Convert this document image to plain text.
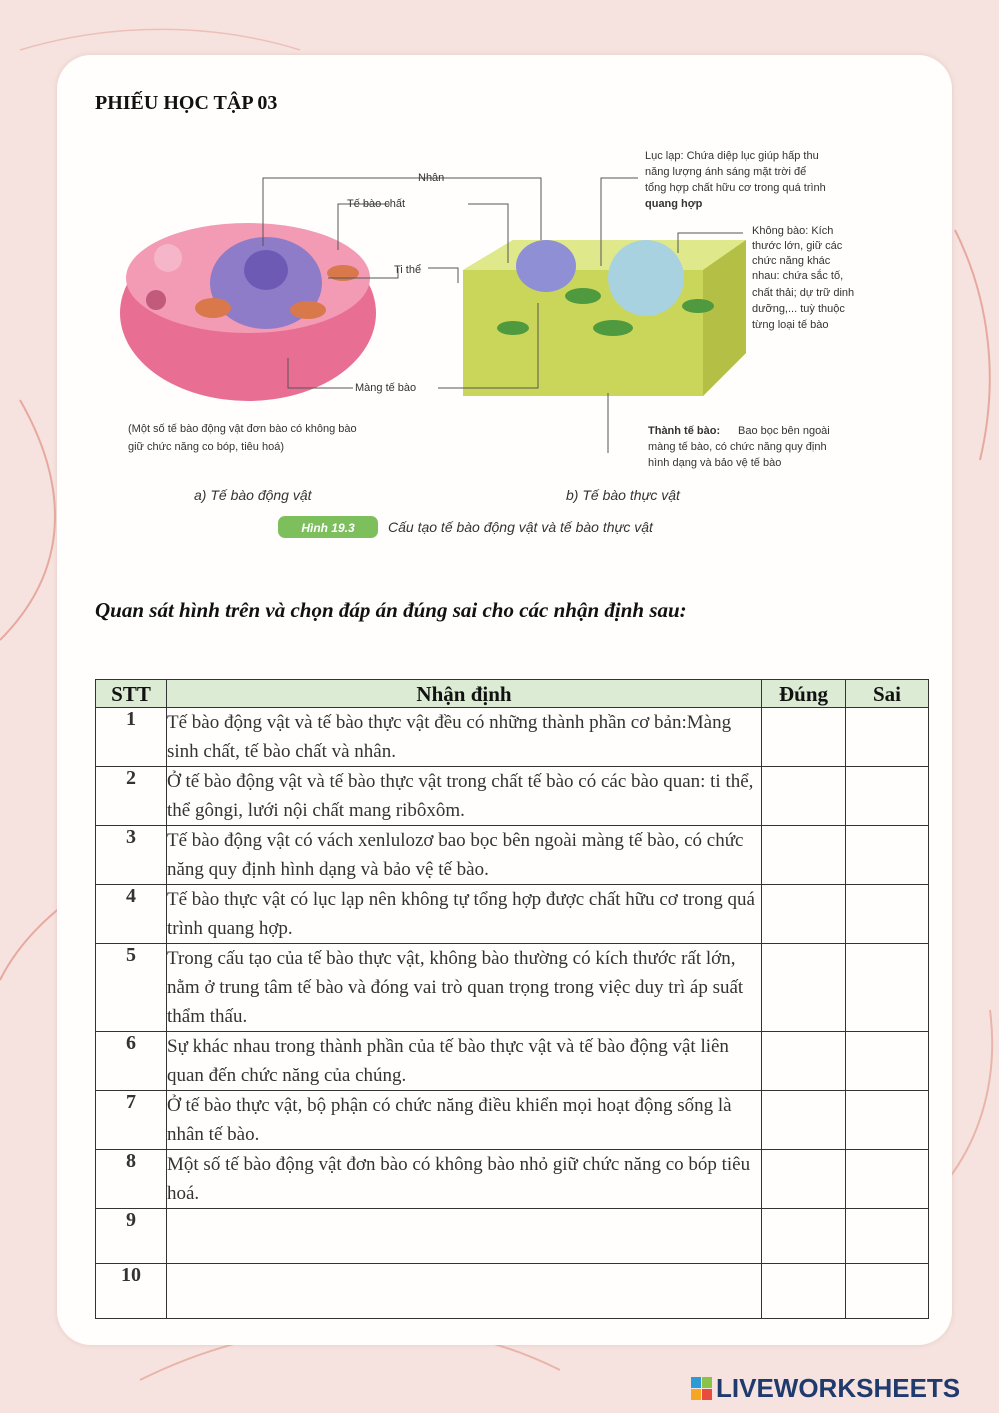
PHIẾU HỌC TẬP 03
Nhân
Tế bào chất
Ti thể
Màng tế bào
Lục lạp: Chứa diệp lục giúp hấp thu
năng lượng ánh sáng mặt trời để
tổng hợp chất hữu cơ trong quá trình
quang hợp
Không bào: Kích
thước lớn, giữ các
chức năng khác
nhau: chứa sắc tố,
chất thải; dự trữ dinh
dưỡng,... tuỳ thuộc
từng loại tế bào
(Một số tế bào động vật đơn bào có không bào
giữ chức năng co bóp, tiêu hoá)
Thành tế bào: Bao bọc bên ngoài
màng tế bào, có chức năng quy định
hình dạng và bảo vệ tế bào
a) Tế bào động vật	b) Tế bào thực vật
Hình 19.3 Cấu tạo tế bào động vật và tế bào thực vật

Quan sát hình trên và chọn đáp án đúng sai cho các nhận định sau:

STT	Nhận định	Đúng	Sai
1	Tế bào động vật và tế bào thực vật đều có những thành phần cơ bản:Màng sinh chất, tế bào chất và nhân.		
2	Ở tế bào động vật và tế bào thực vật trong chất tế bào có các bào quan: ti thể, thể gôngi, lưới nội chất mang ribôxôm.		
3	Tế bào động vật có vách xenlulozơ bao bọc bên ngoài màng tế bào, có chức năng quy định hình dạng và bảo vệ tế bào.		
4	Tế bào thực vật có lục lạp nên không tự tổng hợp được chất hữu cơ trong quá trình quang hợp.		
5	Trong cấu tạo của tế bào thực vật, không bào thường có kích thước rất lớn, nằm ở trung tâm tế bào và đóng vai trò quan trọng trong việc duy trì áp suất thẩm thấu.		
6	Sự khác nhau trong thành phần của tế bào thực vật và tế bào động vật liên quan đến chức năng của chúng.		
7	Ở tế bào thực vật, bộ phận có chức năng điều khiển mọi hoạt động sống là nhân tế bào.		
8	Một số tế bào động vật đơn bào có không bào nhỏ giữ chức năng co bóp tiêu hoá.		
9			
10			
LIVEWORKSHEETS
